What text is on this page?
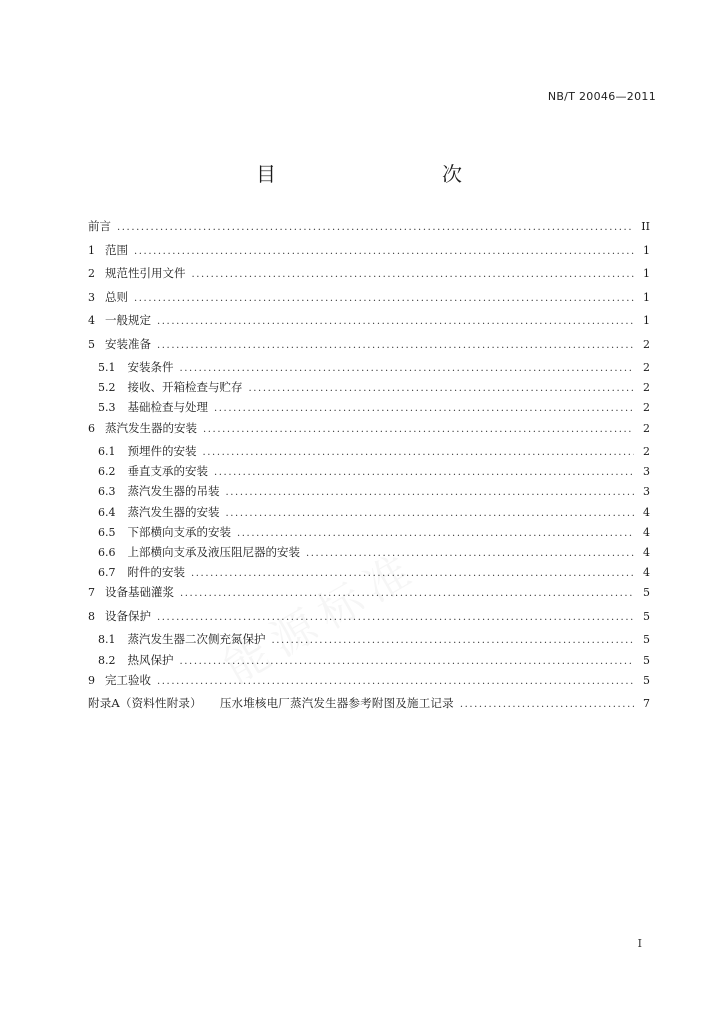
NB/T 20046—2011
目　　次
前言 .....	II
1 范围 .....	1
2 规范性引用文件 .....	1
3 总则 .....	1
4 一般规定 .....	1
5 安装准备 .....	2
5.1 安装条件 .....	2
5.2 接收、开箱检查与贮存 .....	2
5.3 基础检查与处理 .....	2
6 蒸汽发生器的安装 .....	2
6.1 预埋件的安装 .....	2
6.2 垂直支承的安装 .....	3
6.3 蒸汽发生器的吊装 .....	3
6.4 蒸汽发生器的安装 .....	4
6.5 下部横向支承的安装 .....	4
6.6 上部横向支承及液压阻尼器的安装 .....	4
6.7 附件的安装 .....	4
7 设备基础灌浆 .....	5
8 设备保护 .....	5
8.1 蒸汽发生器二次侧充氮保护 .....	5
8.2 热风保护 .....	5
9 完工验收 .....	5
附录A（资料性附录） 压水堆核电厂蒸汽发生器参考附图及施工记录 .....	7
I
